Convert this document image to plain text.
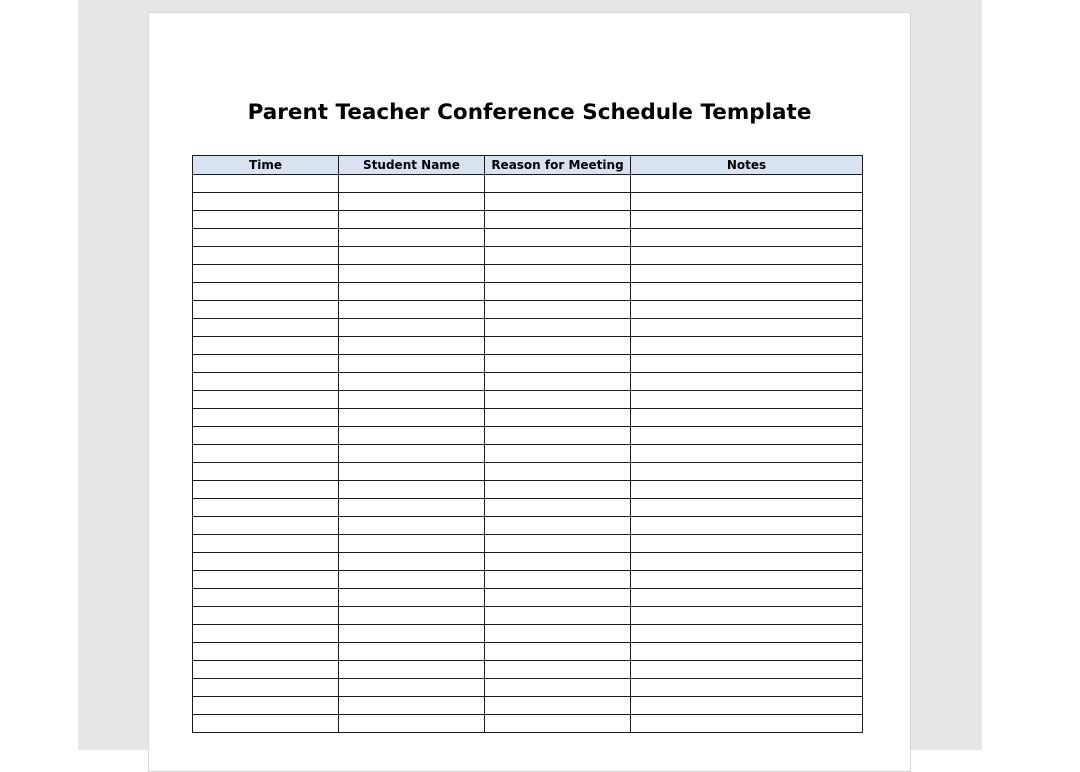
Parent Teacher Conference Schedule Template
Time	Student Name	Reason for Meeting	Notes
